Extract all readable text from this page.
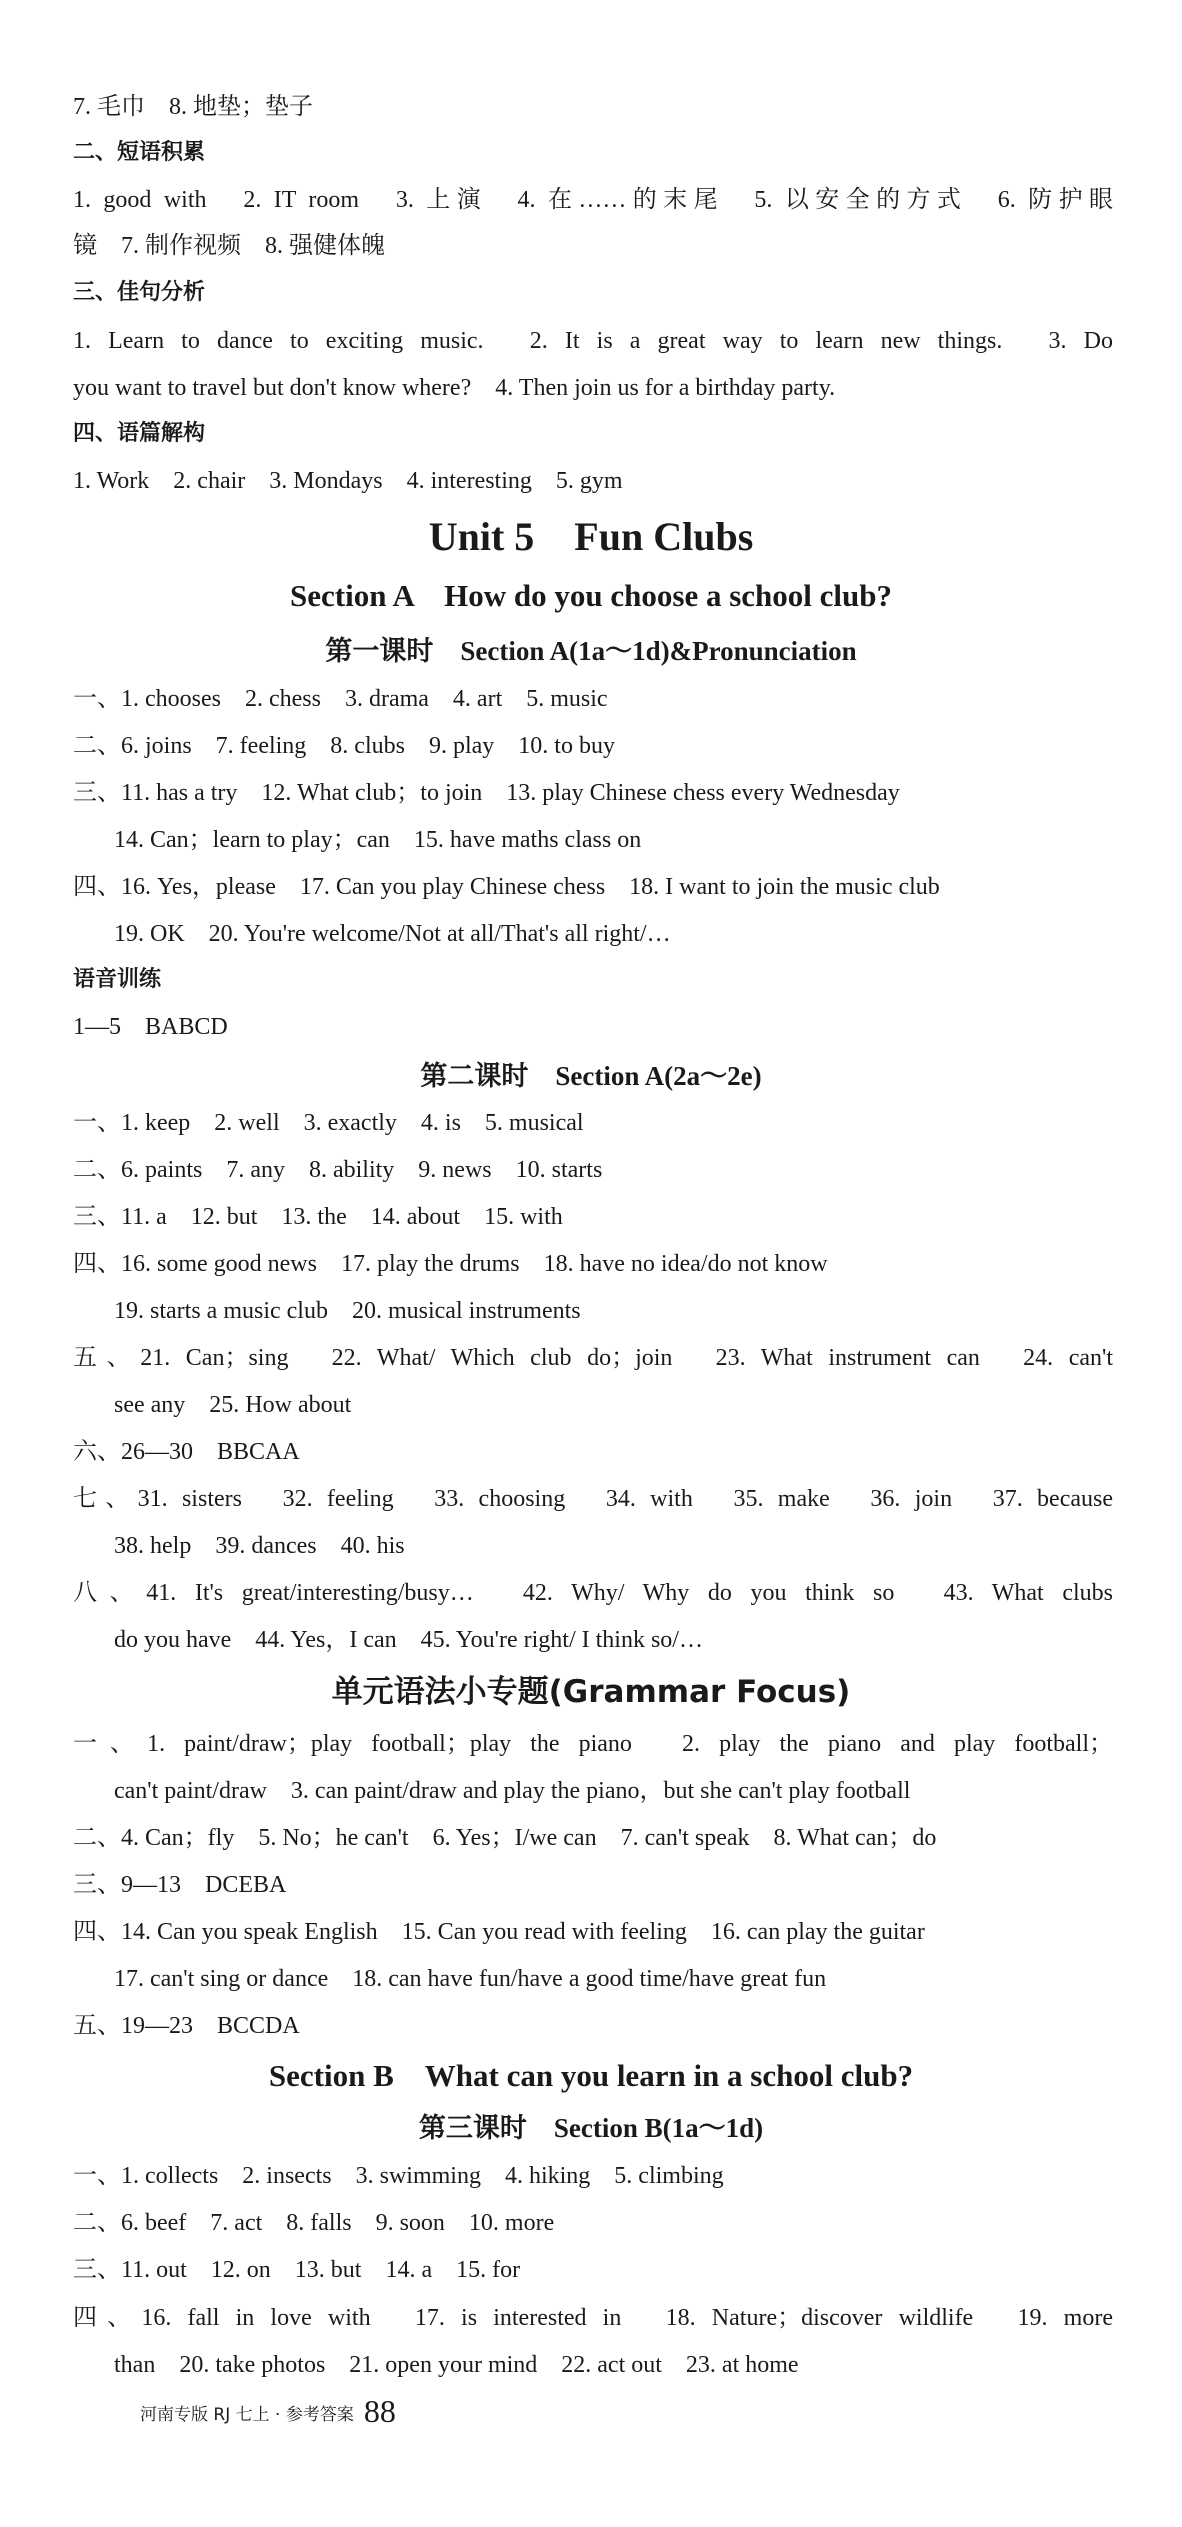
7. 毛巾　8. 地垫；垫子
二、短语积累
1. good with　2. IT room　3. 上演　4. 在……的末尾　5. 以安全的方式　6. 防护眼
镜　7. 制作视频　8. 强健体魄
三、佳句分析
1. Learn to dance to exciting music.　2. It is a great way to learn new things.　3. Do
you want to travel but don't know where?　4. Then join us for a birthday party.
四、语篇解构
1. Work　2. chair　3. Mondays　4. interesting　5. gym
Unit 5　Fun Clubs
Section A　How do you choose a school club?
第一课时　Section A(1a～1d)&Pronunciation
一、1. chooses　2. chess　3. drama　4. art　5. music
二、6. joins　7. feeling　8. clubs　9. play　10. to buy
三、11. has a try　12. What club；to join　13. play Chinese chess every Wednesday
14. Can；learn to play；can　15. have maths class on
四、16. Yes，please　17. Can you play Chinese chess　18. I want to join the music club
19. OK　20. You're welcome/Not at all/That's all right/…
语音训练
1—5　BABCD
第二课时　Section A(2a～2e)
一、1. keep　2. well　3. exactly　4. is　5. musical
二、6. paints　7. any　8. ability　9. news　10. starts
三、11. a　12. but　13. the　14. about　15. with
四、16. some good news　17. play the drums　18. have no idea/do not know
19. starts a music club　20. musical instruments
五、21. Can；sing　22. What/ Which club do；join　23. What instrument can　24. can't
see any　25. How about
六、26—30　BBCAA
七、31. sisters　32. feeling　33. choosing　34. with　35. make　36. join　37. because
38. help　39. dances　40. his
八、41. It's great/interesting/busy…　42. Why/ Why do you think so　43. What clubs
do you have　44. Yes，I can　45. You're right/ I think so/…
单元语法小专题(Grammar Focus)
一、1. paint/draw；play football；play the piano　2. play the piano and play football；
can't paint/draw　3. can paint/draw and play the piano，but she can't play football
二、4. Can；fly　5. No；he can't　6. Yes；I/we can　7. can't speak　8. What can；do
三、9—13　DCEBA
四、14. Can you speak English　15. Can you read with feeling　16. can play the guitar
17. can't sing or dance　18. can have fun/have a good time/have great fun
五、19—23　BCCDA
Section B　What can you learn in a school club?
第三课时　Section B(1a～1d)
一、1. collects　2. insects　3. swimming　4. hiking　5. climbing
二、6. beef　7. act　8. falls　9. soon　10. more
三、11. out　12. on　13. but　14. a　15. for
四、16. fall in love with　17. is interested in　18. Nature；discover wildlife　19. more
than　20. take photos　21. open your mind　22. act out　23. at home
河南专版 RJ 七上 · 参考答案 88
